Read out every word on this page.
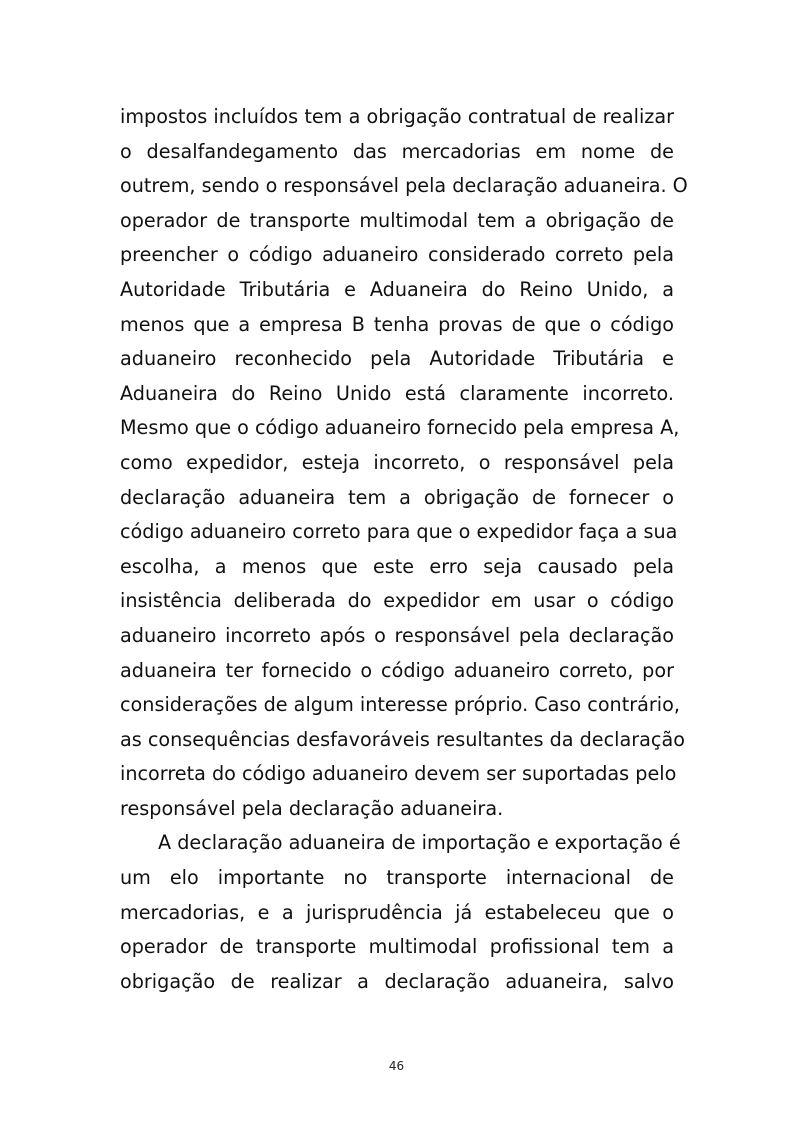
impostos incluídos tem a obrigação contratual de realizar
o desalfandegamento das mercadorias em nome de
outrem, sendo o responsável pela declaração aduaneira. O
operador de transporte multimodal tem a obrigação de
preencher o código aduaneiro considerado correto pela
Autoridade Tributária e Aduaneira do Reino Unido, a
menos que a empresa B tenha provas de que o código
aduaneiro reconhecido pela Autoridade Tributária e
Aduaneira do Reino Unido está claramente incorreto.
Mesmo que o código aduaneiro fornecido pela empresa A,
como expedidor, esteja incorreto, o responsável pela
declaração aduaneira tem a obrigação de fornecer o
código aduaneiro correto para que o expedidor faça a sua
escolha, a menos que este erro seja causado pela
insistência deliberada do expedidor em usar o código
aduaneiro incorreto após o responsável pela declaração
aduaneira ter fornecido o código aduaneiro correto, por
considerações de algum interesse próprio. Caso contrário,
as consequências desfavoráveis resultantes da declaração
incorreta do código aduaneiro devem ser suportadas pelo
responsável pela declaração aduaneira.
A declaração aduaneira de importação e exportação é
um elo importante no transporte internacional de
mercadorias, e a jurisprudência já estabeleceu que o
operador de transporte multimodal profissional tem a
obrigação de realizar a declaração aduaneira, salvo
46
